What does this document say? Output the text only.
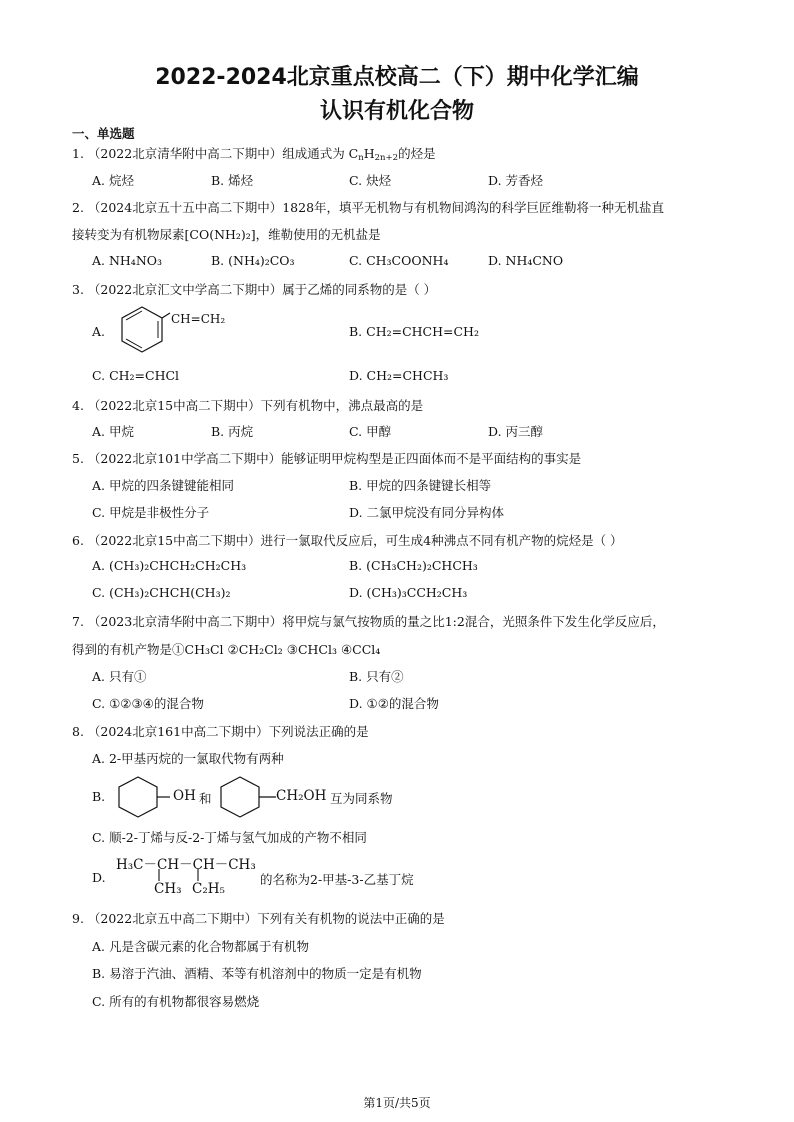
2022-2024北京重点校高二（下）期中化学汇编
认识有机化合物
一、单选题
1. （2022北京清华附中高二下期中）组成通式为 $C_nH_{2n+2}$的烃是
A. 烷烃	B. 烯烃	C. 炔烃	D. 芳香烃
2. （2024北京五十五中高二下期中）1828年，填平无机物与有机物间鸿沟的科学巨匠维勒将一种无机盐直
接转变为有机物尿素[CO(NH₂)₂]，维勒使用的无机盐是
A. NH₄NO₃	B. (NH₄)₂CO₃	C. CH₃COONH₄	D. NH₄CNO
3. （2022北京汇文中学高二下期中）属于乙烯的同系物的是（ ）
A.
CH=CH₂
B. CH₂=CHCH=CH₂
C. CH₂=CHCl	D. CH₂=CHCH₃
4. （2022北京15中高二下期中）下列有机物中，沸点最高的是
A. 甲烷	B. 丙烷	C. 甲醇	D. 丙三醇
5. （2022北京101中学高二下期中）能够证明甲烷构型是正四面体而不是平面结构的事实是
A. 甲烷的四条键键能相同	B. 甲烷的四条键键长相等
C. 甲烷是非极性分子	D. 二氯甲烷没有同分异构体
6. （2022北京15中高二下期中）进行一氯取代反应后，可生成4种沸点不同有机产物的烷烃是（ ）
A. (CH₃)₂CHCH₂CH₂CH₃	B. (CH₃CH₂)₂CHCH₃
C. (CH₃)₂CHCH(CH₃)₂	D. (CH₃)₃CCH₂CH₃
7. （2023北京清华附中高二下期中）将甲烷与氯气按物质的量之比1:2混合，光照条件下发生化学反应后，
得到的有机产物是①CH₃Cl ②CH₂Cl₂ ③CHCl₃ ④CCl₄
A. 只有①	B. 只有②
C. ①②③④的混合物	D. ①②的混合物
8. （2024北京161中高二下期中）下列说法正确的是
A. 2-甲基丙烷的一氯取代物有两种
B.	OH 和	CH₂OH 互为同系物
C. 顺-2-丁烯与反-2-丁烯与氢气加成的产物不相同
D.
H₃C－CH－CH－CH₃
CH₃ C₂H₅
的名称为2-甲基-3-乙基丁烷
9. （2022北京五中高二下期中）下列有关有机物的说法中正确的是
A. 凡是含碳元素的化合物都属于有机物
B. 易溶于汽油、酒精、苯等有机溶剂中的物质一定是有机物
C. 所有的有机物都很容易燃烧
第1页/共5页
